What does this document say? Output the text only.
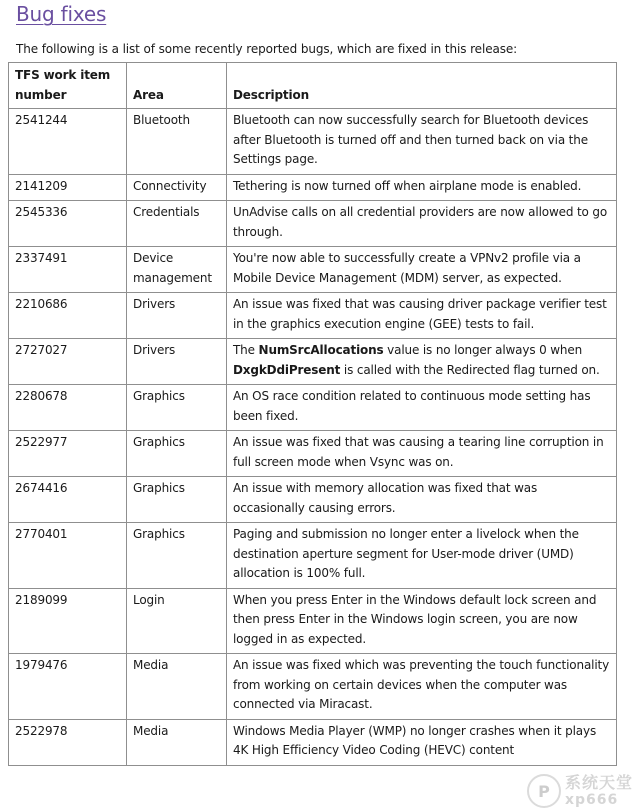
Bug fixes
The following is a list of some recently reported bugs, which are fixed in this release:
TFS work item number	Area	Description
2541244	Bluetooth	Bluetooth can now successfully search for Bluetooth devices after Bluetooth is turned off and then turned back on via the Settings page.
2141209	Connectivity	Tethering is now turned off when airplane mode is enabled.
2545336	Credentials	UnAdvise calls on all credential providers are now allowed to go through.
2337491	Device management	You're now able to successfully create a VPNv2 profile via a Mobile Device Management (MDM) server, as expected.
2210686	Drivers	An issue was fixed that was causing driver package verifier test in the graphics execution engine (GEE) tests to fail.
2727027	Drivers	The NumSrcAllocations value is no longer always 0 when DxgkDdiPresent is called with the Redirected flag turned on.
2280678	Graphics	An OS race condition related to continuous mode setting has been fixed.
2522977	Graphics	An issue was fixed that was causing a tearing line corruption in full screen mode when Vsync was on.
2674416	Graphics	An issue with memory allocation was fixed that was occasionally causing errors.
2770401	Graphics	Paging and submission no longer enter a livelock when the destination aperture segment for User-mode driver (UMD) allocation is 100% full.
2189099	Login	When you press Enter in the Windows default lock screen and then press Enter in the Windows login screen, you are now logged in as expected.
1979476	Media	An issue was fixed which was preventing the touch functionality from working on certain devices when the computer was connected via Miracast.
2522978	Media	Windows Media Player (WMP) no longer crashes when it plays 4K High Efficiency Video Coding (HEVC) content
P 系统天堂
xp666
